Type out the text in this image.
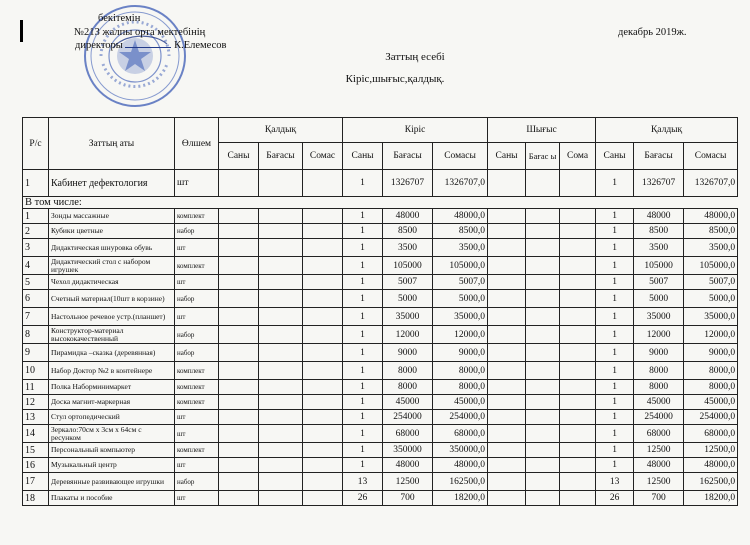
бекітемін
№213 жалпы орта мектебінің
директоры	К.Елемесов
декабрь 2019ж.
Заттың есебі
Кіріс,шығыс,қалдық.
Р/с	Заттың аты	Өлшем	Қалдық			Кіріс			Шығыс			Қалдық		
			Саны	Бағасы	Сомас	Саны	Бағасы	Сомасы	Саны	Бағас ы	Сома	Саны	Бағасы	Сомасы
1	Кабинет дефектология	шт				1	1326707	1326707,0				1	1326707	1326707,0
В том числе:														
1	Зонды массажные	комплект				1	48000	48000,0				1	48000	48000,0
2	Кубики цветные	набор				1	8500	8500,0				1	8500	8500,0
3	Дидактическая шнуровка обувь	шт				1	3500	3500,0				1	3500	3500,0
4	Дидактический стол с набором игрушек	комплект				1	105000	105000,0				1	105000	105000,0
5	Чехол дидактическая	шт				1	5007	5007,0				1	5007	5007,0
6	Счетный материал(10шт в корзине)	набор				1	5000	5000,0				1	5000	5000,0
7	Настольное речевое устр.(планшет)	шт				1	35000	35000,0				1	35000	35000,0
8	Конструктор-материал высококачественный	набор				1	12000	12000,0				1	12000	12000,0
9	Пирамидка –сказка (деревянная)	набор				1	9000	9000,0				1	9000	9000,0
10	Набор Доктор №2 в контейнере	комплект				1	8000	8000,0				1	8000	8000,0
11	Полка Наборминимаркет	комплект				1	8000	8000,0				1	8000	8000,0
12	Доска магнит-маркерная	комплект				1	45000	45000,0				1	45000	45000,0
13	Стул ортопедический	шт				1	254000	254000,0				1	254000	254000,0
14	Зеркало:70см х 3см х 64см с ресунком	шт				1	68000	68000,0				1	68000	68000,0
15	Персональный компьютер	комплект				1	350000	350000,0				1	12500	12500,0
16	Музыкальный центр	шт				1	48000	48000,0				1	48000	48000,0
17	Деревянные развивающее игрушки	набор				13	12500	162500,0				13	12500	162500,0
18	Плакаты и пособие	шт				26	700	18200,0				26	700	18200,0
